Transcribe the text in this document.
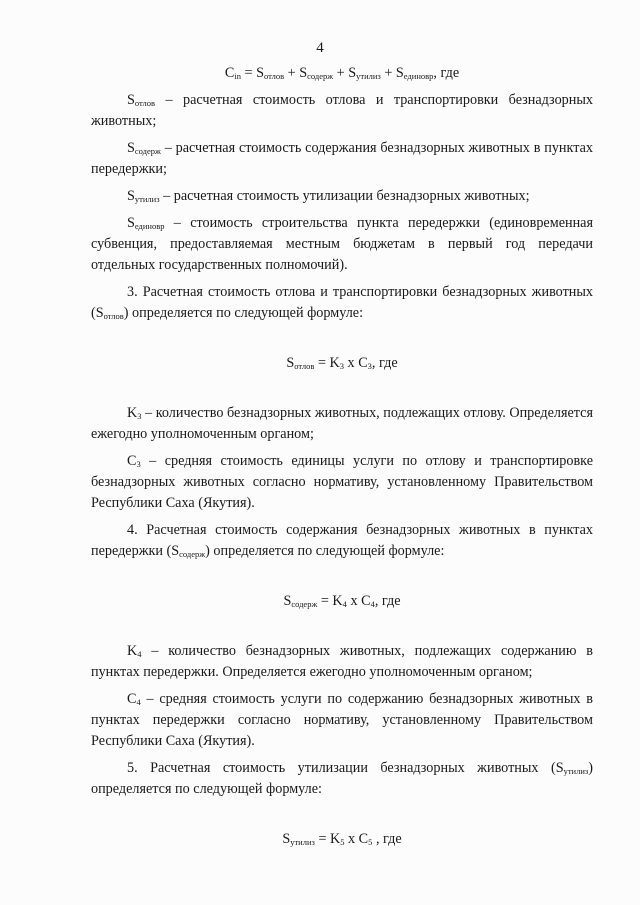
4

$C_{in} = S_{отлов} + S_{содерж} + S_{утилиз} + S_{единовр}$, где

$S_{отлов}$ – расчетная стоимость отлова и транспортировки безнадзорных животных;

$S_{содерж}$ – расчетная стоимость содержания безнадзорных животных в пунктах передержки;

$S_{утилиз}$ – расчетная стоимость утилизации безнадзорных животных;

$S_{единовр}$ – стоимость строительства пункта передержки (единовременная субвенция, предоставляемая местным бюджетам в первый год передачи отдельных государственных полномочий).

3. Расчетная стоимость отлова и транспортировки безнадзорных животных $(S_{отлов})$ определяется по следующей формуле:

$S_{отлов} = K_3$ x $C_3$, где

$K_3$ – количество безнадзорных животных, подлежащих отлову. Определяется ежегодно уполномоченным органом;

$C_3$ – средняя стоимость единицы услуги по отлову и транспортировке безнадзорных животных согласно нормативу, установленному Правительством Республики Саха (Якутия).

4. Расчетная стоимость содержания безнадзорных животных в пунктах передержки $(S_{содерж})$ определяется по следующей формуле:

$S_{содерж} = K_4$ x $C_4$, где

$K_4$ – количество безнадзорных животных, подлежащих содержанию в пунктах передержки. Определяется ежегодно уполномоченным органом;

$C_4$ – средняя стоимость услуги по содержанию безнадзорных животных в пунктах передержки согласно нормативу, установленному Правительством Республики Саха (Якутия).

5. Расчетная стоимость утилизации безнадзорных животных $(S_{утилиз})$ определяется по следующей формуле:

$S_{утилиз} = K_5$ x $C_5$ , где
